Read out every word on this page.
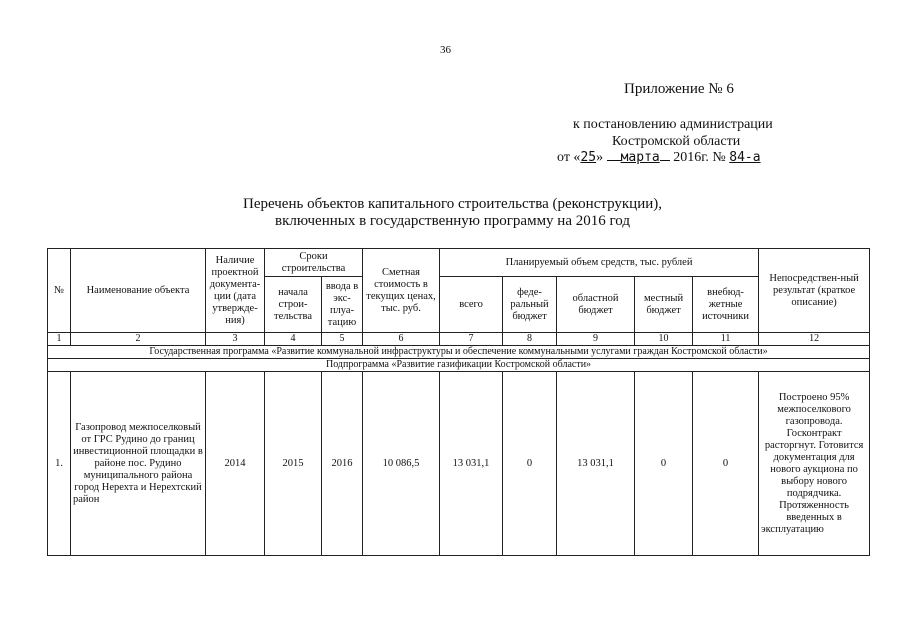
36
Приложение № 6
к постановлению администрации
Костромской области
от «25» марта 2016г. № 84-а
Перечень объектов капитального строительства (реконструкции),
включенных в государственную программу на 2016 год
№	Наименование объекта	Наличие проектной документа-ции (дата утвержде-ния)	Сроки строительства		Сметная стоимость в текущих ценах, тыс. руб.	Планируемый объем средств, тыс. рублей					Непосредствен-ный результат (краткое описание)
			начала строи-тельства	ввода в экс-плуа-тацию		всего	феде-ральный бюджет	областной бюджет	местный бюджет	внебюд-жетные источники	
1	2	3	4	5	6	7	8	9	10	11	12
Государственная программа «Развитие коммунальной инфраструктуры и обеспечение коммунальными услугами граждан Костромской области»											
Подпрограмма «Развитие газификации Костромской области»											
1.	Газопровод межпоселковый от ГРС Рудино до границ инвестиционной площадки в районе пос. Рудино муниципального района город Нерехта и Нерехтский район	2014	2015	2016	10 086,5	13 031,1	0	13 031,1	0	0	Построено 95% межпоселкового газопровода. Госконтракт расторгнут. Готовится документация для нового аукциона по выбору нового подрядчика. Протяженность введенных в эксплуатацию
